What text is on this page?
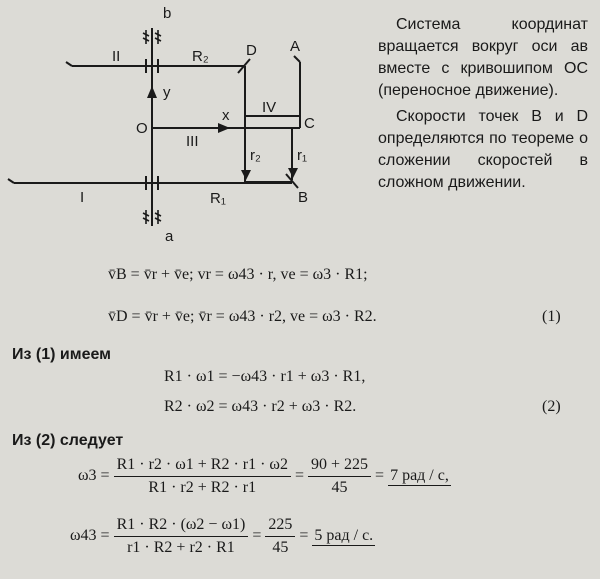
b
a
II	R₂ D A
y
O
x
III
IV
C
r₂ r₁
I	R₁	B

Система координат вращается вокруг оси ав вместе с кривошипом ОС (переносное движение).

Скорости точек В и D определяются по теореме о сложении скоростей в сложном движении.

v̄B = v̄r + v̄e; vr = ω43 · r, ve = ω3 · R1;
v̄D = v̄r + v̄e; v̄r = ω43 · r2, ve = ω3 · R2.	(1)
Из (1) имеем
R1 · ω1 = −ω43 · r1 + ω3 · R1,
R2 · ω2 = ω43 · r2 + ω3 · R2.	(2)
Из (2) следует
$\omega 3 = \frac{R1 \cdot r2 \cdot \omega 1 + R2 \cdot r1 \cdot \omega 2}{R1 \cdot r2 + R2 \cdot r1} = \frac{90 + 225}{45} = 7$ рад / с,
$\omega 43 = \frac{R1 \cdot R2 \cdot (\omega 2 - \omega 1)}{r1 \cdot R2 + r2 \cdot R1} = \frac{225}{45} = 5$ рад / с.
